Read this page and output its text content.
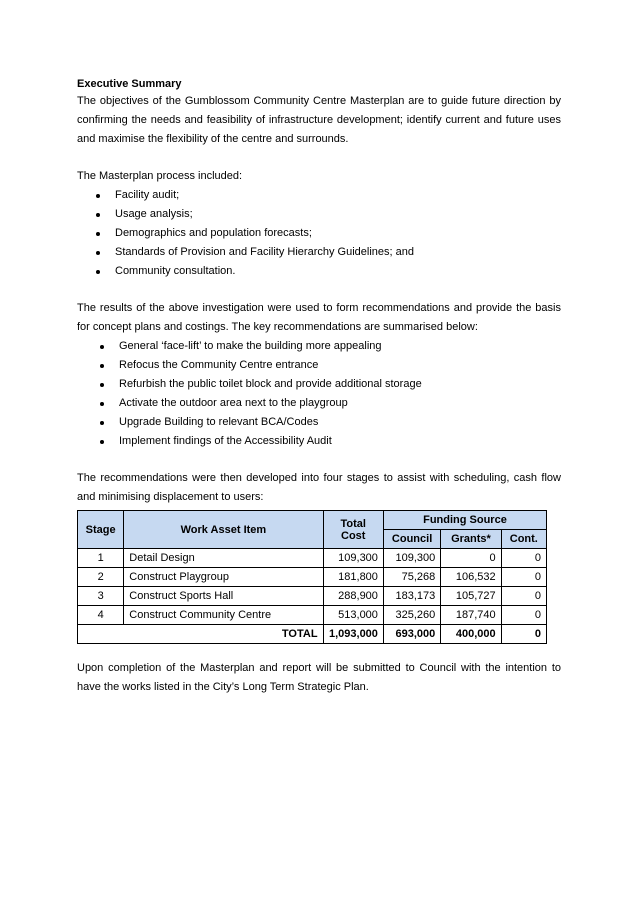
Executive Summary

The objectives of the Gumblossom Community Centre Masterplan are to guide future direction by confirming the needs and feasibility of infrastructure development; identify current and future uses and maximise the flexibility of the centre and surrounds.

The Masterplan process included:

Facility audit;
Usage analysis;
Demographics and population forecasts;
Standards of Provision and Facility Hierarchy Guidelines; and
Community consultation.

The results of the above investigation were used to form recommendations and provide the basis for concept plans and costings. The key recommendations are summarised below:

General ‘face-lift’ to make the building more appealing
Refocus the Community Centre entrance
Refurbish the public toilet block and provide additional storage
Activate the outdoor area next to the playgroup
Upgrade Building to relevant BCA/Codes
Implement findings of the Accessibility Audit

The recommendations were then developed into four stages to assist with scheduling, cash flow and minimising displacement to users:

Stage	Work Asset Item	Total Cost	Funding Source		
			Council	Grants*	Cont.
1	Detail Design	109,300	109,300	0	0
2	Construct Playgroup	181,800	75,268	106,532	0
3	Construct Sports Hall	288,900	183,173	105,727	0
4	Construct Community Centre	513,000	325,260	187,740	0
TOTAL		1,093,000	693,000	400,000	0

Upon completion of the Masterplan and report will be submitted to Council with the intention to have the works listed in the City’s Long Term Strategic Plan.
